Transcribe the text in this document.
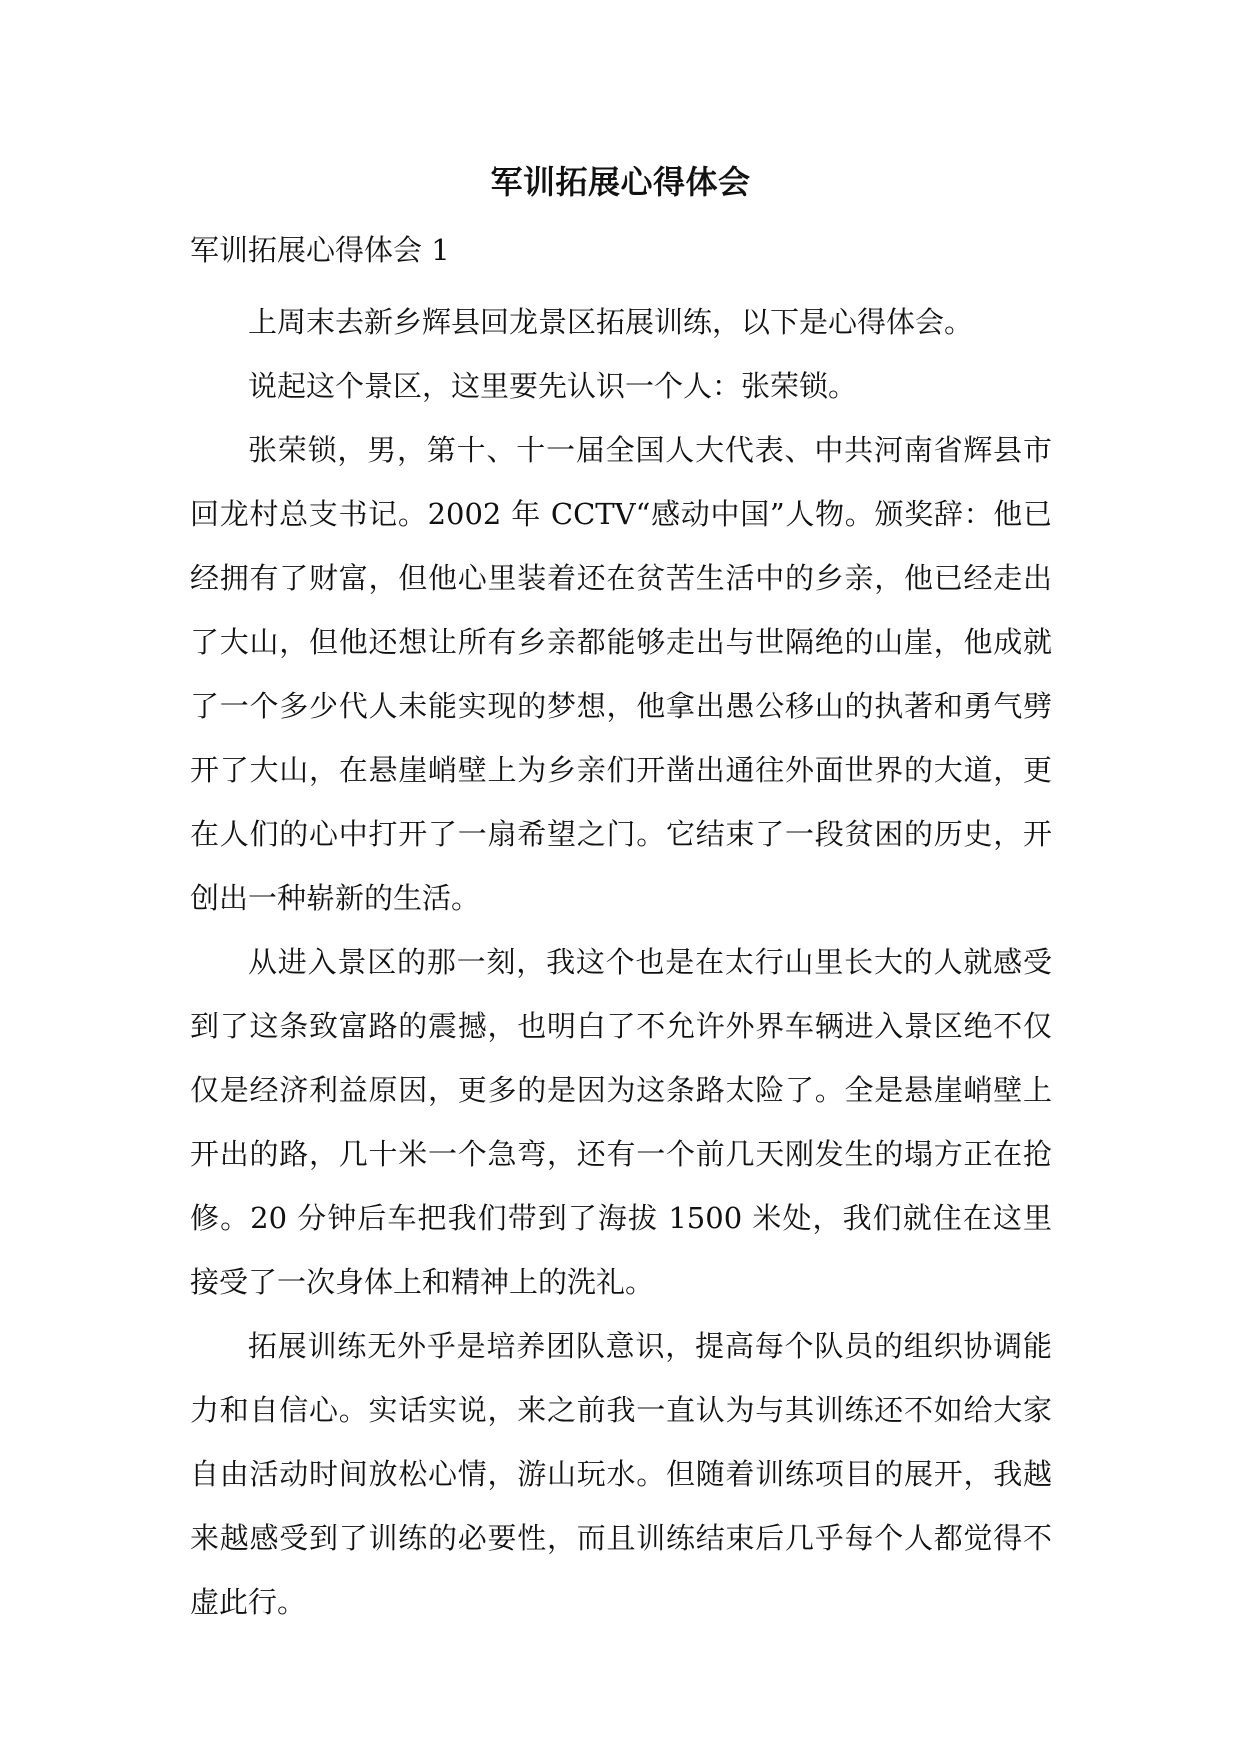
军训拓展心得体会
军训拓展心得体会 1

上周末去新乡辉县回龙景区拓展训练，以下是心得体会。

说起这个景区，这里要先认识一个人：张荣锁。

张荣锁，男，第十、十一届全国人大代表、中共河南省辉县市回龙村总支书记。2002 年 CCTV“感动中国”人物。颁奖辞：他已经拥有了财富，但他心里装着还在贫苦生活中的乡亲，他已经走出了大山，但他还想让所有乡亲都能够走出与世隔绝的山崖，他成就了一个多少代人未能实现的梦想，他拿出愚公移山的执著和勇气劈开了大山，在悬崖峭壁上为乡亲们开凿出通往外面世界的大道，更在人们的心中打开了一扇希望之门。它结束了一段贫困的历史，开创出一种崭新的生活。

从进入景区的那一刻，我这个也是在太行山里长大的人就感受到了这条致富路的震撼，也明白了不允许外界车辆进入景区绝不仅仅是经济利益原因，更多的是因为这条路太险了。全是悬崖峭壁上开出的路，几十米一个急弯，还有一个前几天刚发生的塌方正在抢修。20 分钟后车把我们带到了海拔 1500 米处，我们就住在这里接受了一次身体上和精神上的洗礼。

拓展训练无外乎是培养团队意识，提高每个队员的组织协调能力和自信心。实话实说，来之前我一直认为与其训练还不如给大家自由活动时间放松心情，游山玩水。但随着训练项目的展开，我越来越感受到了训练的必要性，而且训练结束后几乎每个人都觉得不虚此行。
